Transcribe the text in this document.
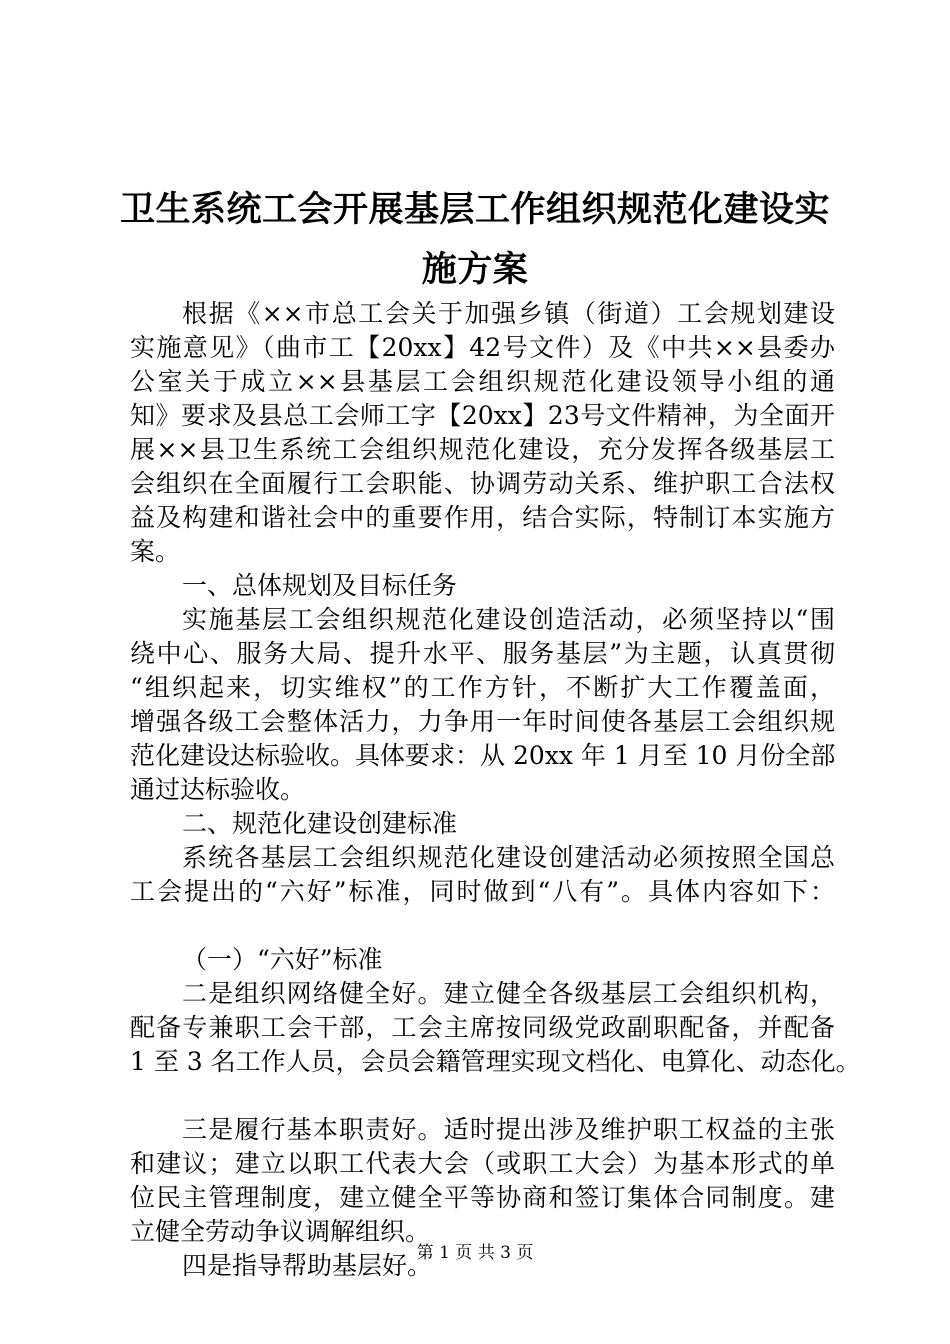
卫生系统工会开展基层工作组织规范化建设实
施方案
根据《××市总工会关于加强乡镇（街道）工会规划建设
实施意见》（曲市工【20xx】42号文件）及《中共××县委办
公室关于成立××县基层工会组织规范化建设领导小组的通
知》要求及县总工会师工字【20xx】23号文件精神，为全面开
展××县卫生系统工会组织规范化建设，充分发挥各级基层工
会组织在全面履行工会职能、协调劳动关系、维护职工合法权
益及构建和谐社会中的重要作用，结合实际，特制订本实施方
案。
一、总体规划及目标任务
实施基层工会组织规范化建设创造活动，必须坚持以“围
绕中心、服务大局、提升水平、服务基层”为主题，认真贯彻
“组织起来，切实维权”的工作方针，不断扩大工作覆盖面，
增强各级工会整体活力，力争用一年时间使各基层工会组织规
范化建设达标验收。具体要求：从 20xx 年 1 月至 10 月份全部
通过达标验收。
二、规范化建设创建标准
系统各基层工会组织规范化建设创建活动必须按照全国总
工会提出的“六好”标准，同时做到“八有”。具体内容如下：
（一）“六好”标准
二是组织网络健全好。建立健全各级基层工会组织机构，
配备专兼职工会干部，工会主席按同级党政副职配备，并配备
1 至 3 名工作人员，会员会籍管理实现文档化、电算化、动态化。
三是履行基本职责好。适时提出涉及维护职工权益的主张
和建议；建立以职工代表大会（或职工大会）为基本形式的单
位民主管理制度，建立健全平等协商和签订集体合同制度。建
立健全劳动争议调解组织。
四是指导帮助基层好。
第 1 页 共 3 页
